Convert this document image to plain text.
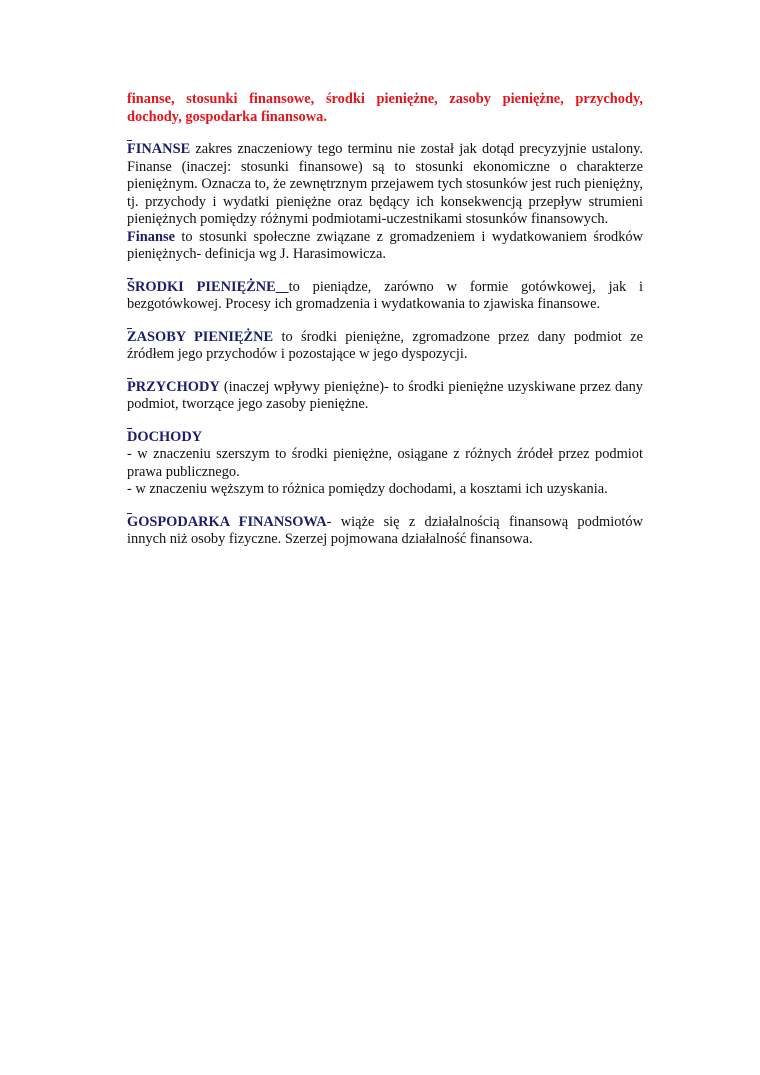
finanse, stosunki finansowe, środki pieniężne, zasoby pieniężne, przychody, dochody, gospodarka finansowa.

FINANSE zakres znaczeniowy tego terminu nie został jak dotąd precyzyjnie ustalony. Finanse (inaczej: stosunki finansowe) są to stosunki ekonomiczne o charakterze pieniężnym. Oznacza to, że zewnętrznym przejawem tych stosunków jest ruch pieniężny, tj. przychody i wydatki pieniężne oraz będący ich konsekwencją przepływ strumieni pieniężnych pomiędzy różnymi podmiotami-uczestnikami stosunków finansowych.

Finanse to stosunki społeczne związane z gromadzeniem i wydatkowaniem środków pieniężnych- definicja wg J. Harasimowicza.

ŚRODKI PIENIĘŻNE to pieniądze, zarówno w formie gotówkowej, jak i bezgotówkowej. Procesy ich gromadzenia i wydatkowania to zjawiska finansowe.

ZASOBY PIENIĘŻNE to środki pieniężne, zgromadzone przez dany podmiot ze źródłem jego przychodów i pozostające w jego dyspozycji.

PRZYCHODY (inaczej wpływy pieniężne)- to środki pieniężne uzyskiwane przez dany podmiot, tworzące jego zasoby pieniężne.

DOCHODY

- w znaczeniu szerszym to środki pieniężne, osiągane z różnych źródeł przez podmiot prawa publicznego.

- w znaczeniu węższym to różnica pomiędzy dochodami, a kosztami ich uzyskania.

GOSPODARKA FINANSOWA- wiąże się z działalnością finansową podmiotów innych niż osoby fizyczne. Szerzej pojmowana działalność finansowa.
